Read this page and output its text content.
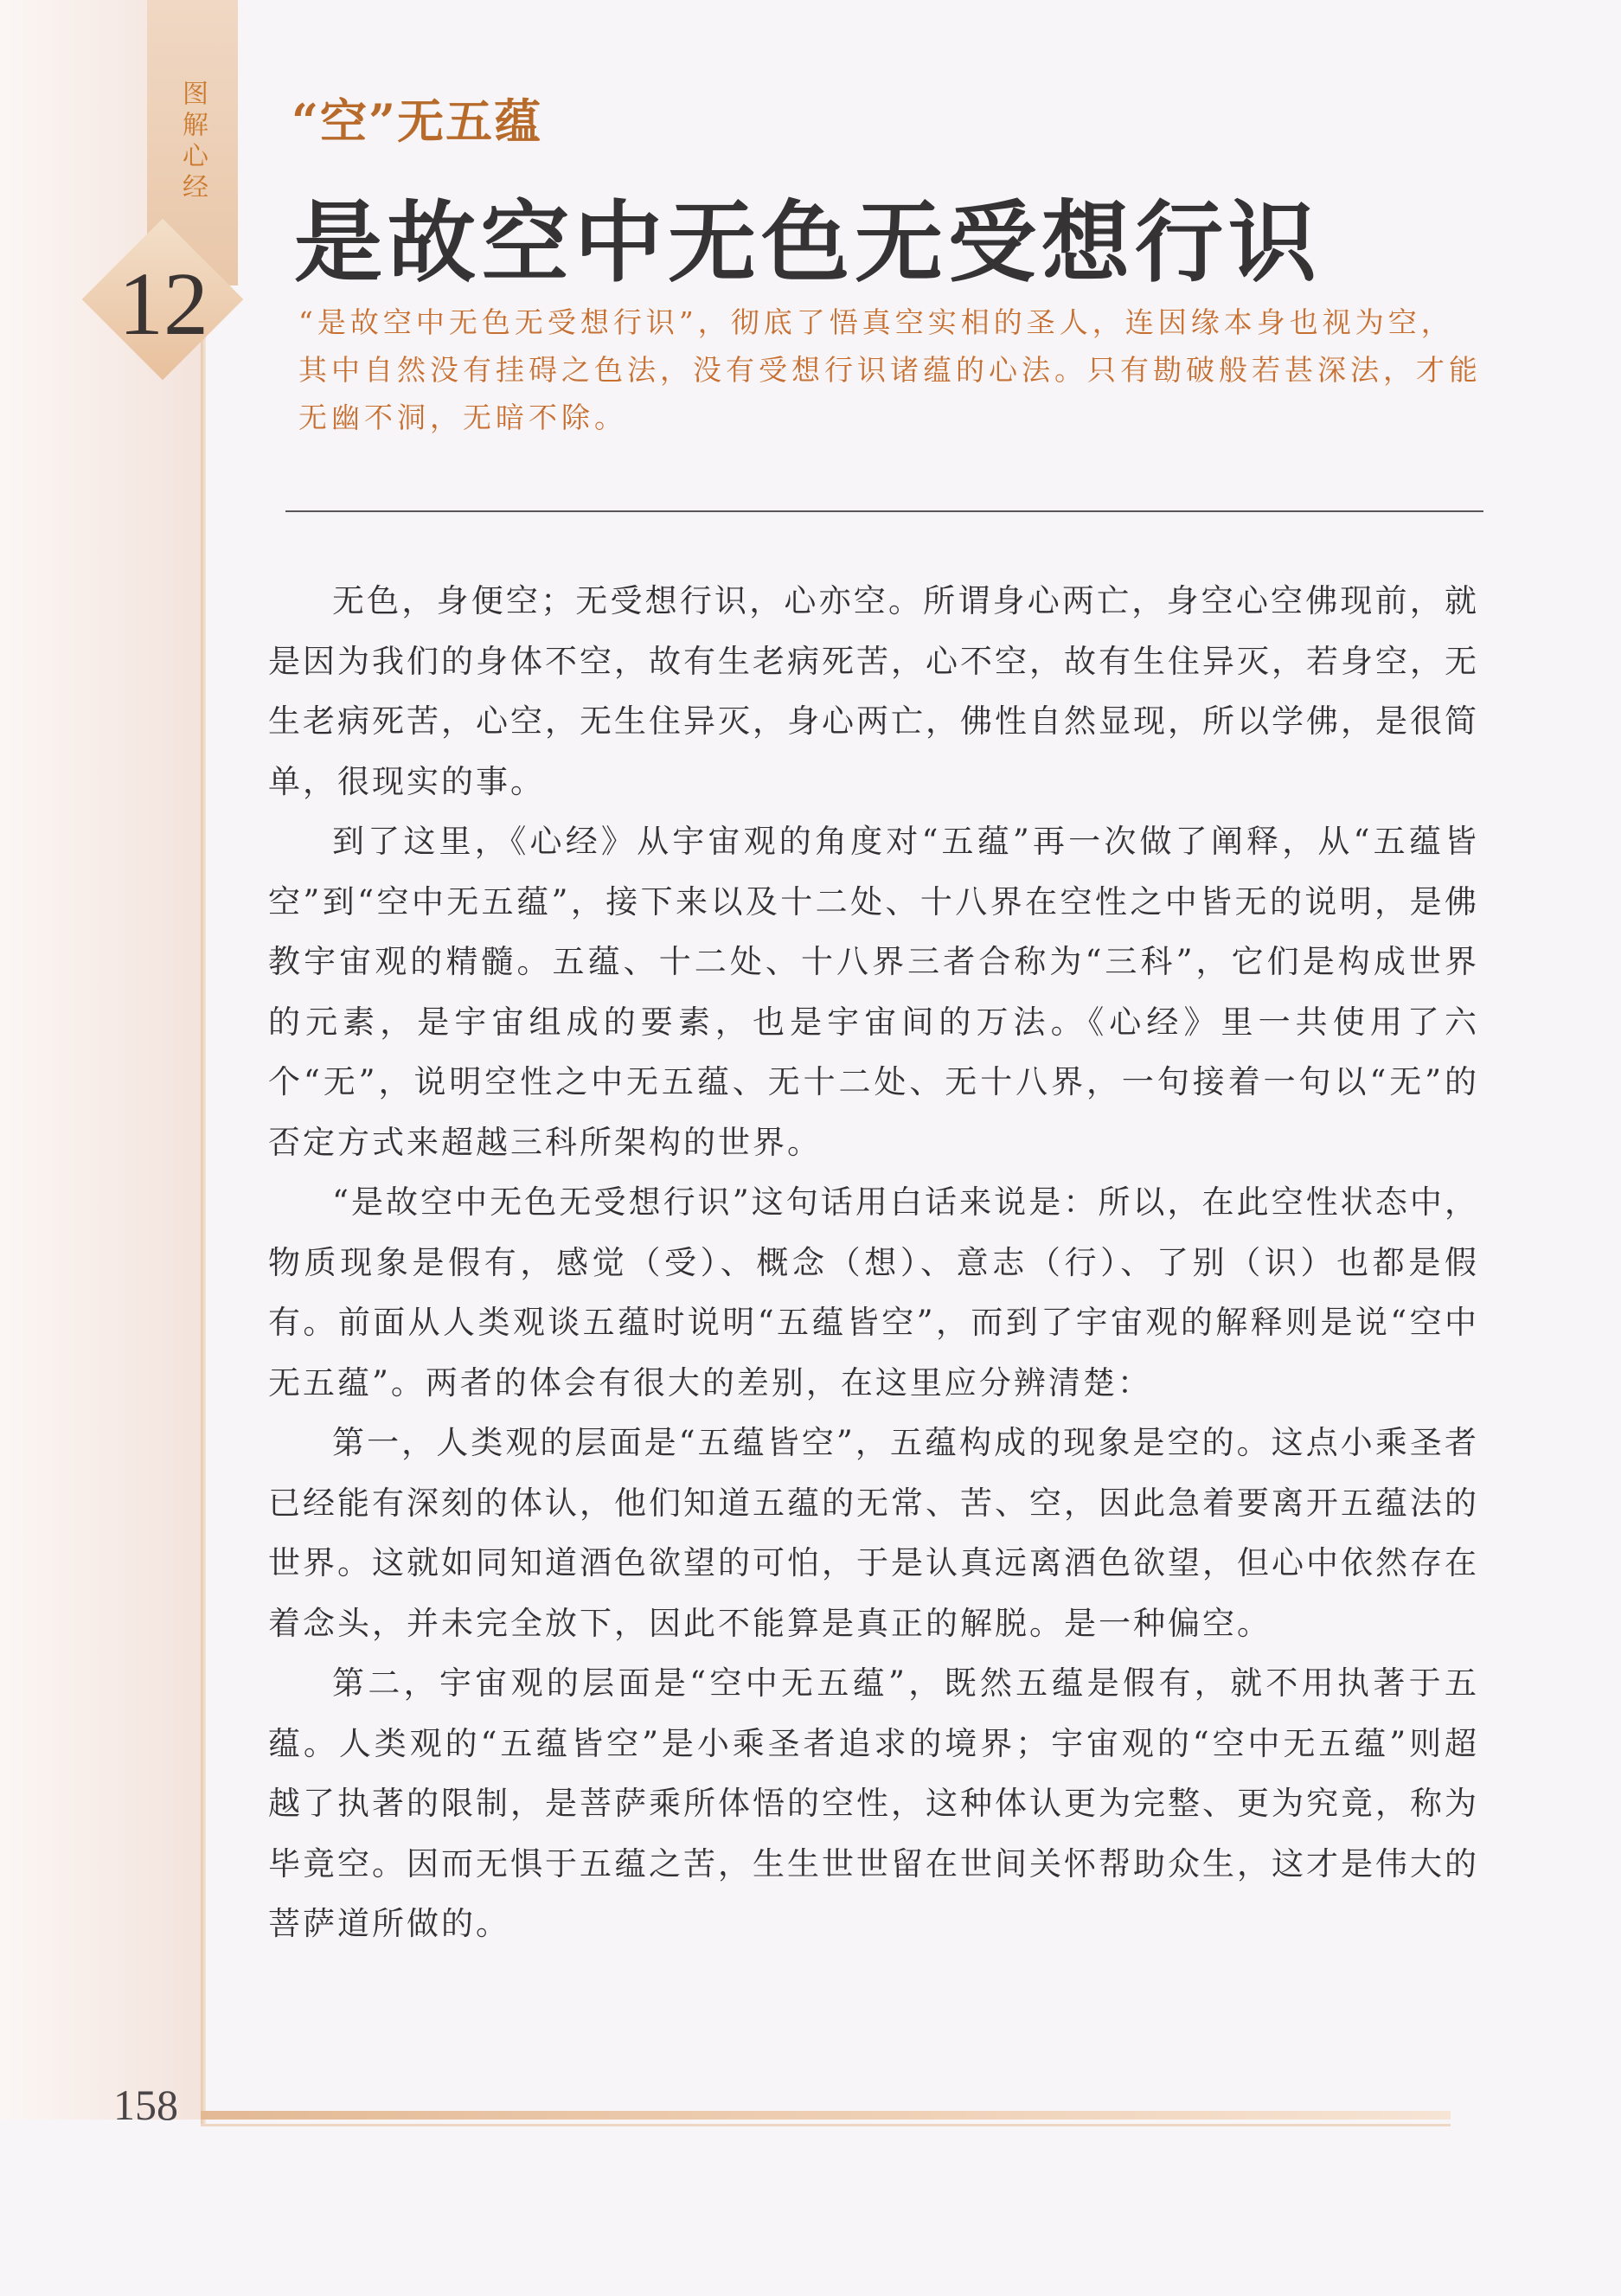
图解心经
12
“空”无五蕴
是故空中无色无受想行识

“是故空中无色无受想行识”，彻底了悟真空实相的圣人，连因缘本身也视为空，其中自然没有挂碍之色法，没有受想行识诸蕴的心法。只有勘破般若甚深法，才能无幽不洞，无暗不除。

无色，身便空；无受想行识，心亦空。所谓身心两亡，身空心空佛现前，就是因为我们的身体不空，故有生老病死苦，心不空，故有生住异灭，若身空，无生老病死苦，心空，无生住异灭，身心两亡，佛性自然显现，所以学佛，是很简单，很现实的事。

到了这里，《心经》从宇宙观的角度对“五蕴”再一次做了阐释，从“五蕴皆空”到“空中无五蕴”，接下来以及十二处、十八界在空性之中皆无的说明，是佛教宇宙观的精髓。五蕴、十二处、十八界三者合称为“三科”，它们是构成世界的元素，是宇宙组成的要素，也是宇宙间的万法。《心经》里一共使用了六个“无”，说明空性之中无五蕴、无十二处、无十八界，一句接着一句以“无”的否定方式来超越三科所架构的世界。

“是故空中无色无受想行识”这句话用白话来说是：所以，在此空性状态中，物质现象是假有，感觉（受）、概念（想）、意志（行）、了别（识）也都是假有。前面从人类观谈五蕴时说明“五蕴皆空”，而到了宇宙观的解释则是说“空中无五蕴”。两者的体会有很大的差别，在这里应分辨清楚：

第一，人类观的层面是“五蕴皆空”，五蕴构成的现象是空的。这点小乘圣者已经能有深刻的体认，他们知道五蕴的无常、苦、空，因此急着要离开五蕴法的世界。这就如同知道酒色欲望的可怕，于是认真远离酒色欲望，但心中依然存在着念头，并未完全放下，因此不能算是真正的解脱。是一种偏空。

第二，宇宙观的层面是“空中无五蕴”，既然五蕴是假有，就不用执著于五蕴。人类观的“五蕴皆空”是小乘圣者追求的境界；宇宙观的“空中无五蕴”则超越了执著的限制，是菩萨乘所体悟的空性，这种体认更为完整、更为究竟，称为毕竟空。因而无惧于五蕴之苦，生生世世留在世间关怀帮助众生，这才是伟大的菩萨道所做的。

158
